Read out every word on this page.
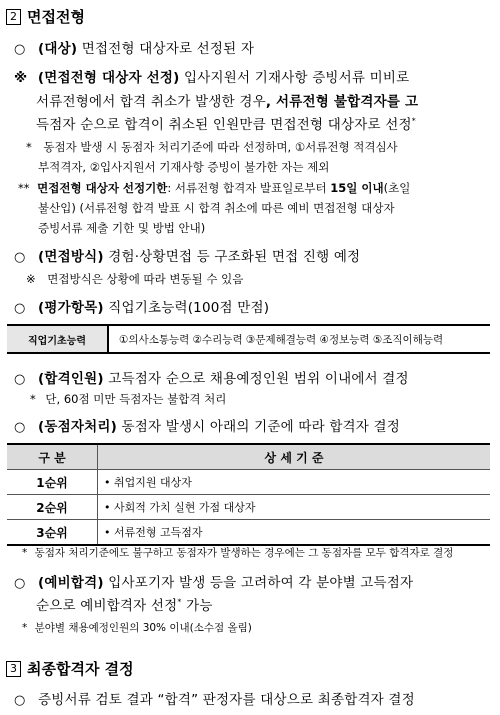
2 면접전형
○ (대상) 면접전형 대상자로 선정된 자
※ (면접전형 대상자 선정) 입사지원서 기재사항 증빙서류 미비로
서류전형에서 합격 취소가 발생한 경우, 서류전형 불합격자를 고
득점자 순으로 합격이 취소된 인원만큼 면접전형 대상자로 선정*
* 동점자 발생 시 동점자 처리기준에 따라 선정하며, ①서류전형 적격심사
부적격자, ②입사지원서 기재사항 증빙이 불가한 자는 제외
** 면접전형 대상자 선정기한: 서류전형 합격자 발표일로부터 15일 이내(초일
불산입) (서류전형 합격 발표 시 합격 취소에 따른 예비 면접전형 대상자
증빙서류 제출 기한 및 방법 안내)
○ (면접방식) 경험·상황면접 등 구조화된 면접 진행 예정
※ 면접방식은 상황에 따라 변동될 수 있음
○ (평가항목) 직업기초능력(100점 만점)
직업기초능력	①의사소통능력 ②수리능력 ③문제해결능력 ④정보능력 ⑤조직이해능력
○ (합격인원) 고득점자 순으로 채용예정인원 범위 이내에서 결정
* 단, 60점 미만 득점자는 불합격 처리
○ (동점자처리) 동점자 발생시 아래의 기준에 따라 합격자 결정
구 분	상 세 기 준
1순위	• 취업지원 대상자
2순위	• 사회적 가치 실현 가점 대상자
3순위	• 서류전형 고득점자
* 동점자 처리기준에도 불구하고 동점자가 발생하는 경우에는 그 동점자를 모두 합격자로 결정
○ (예비합격) 입사포기자 발생 등을 고려하여 각 분야별 고득점자
순으로 예비합격자 선정* 가능
* 분야별 채용예정인원의 30% 이내(소수점 올림)
3 최종합격자 결정
○ 증빙서류 검토 결과 “합격” 판정자를 대상으로 최종합격자 결정
